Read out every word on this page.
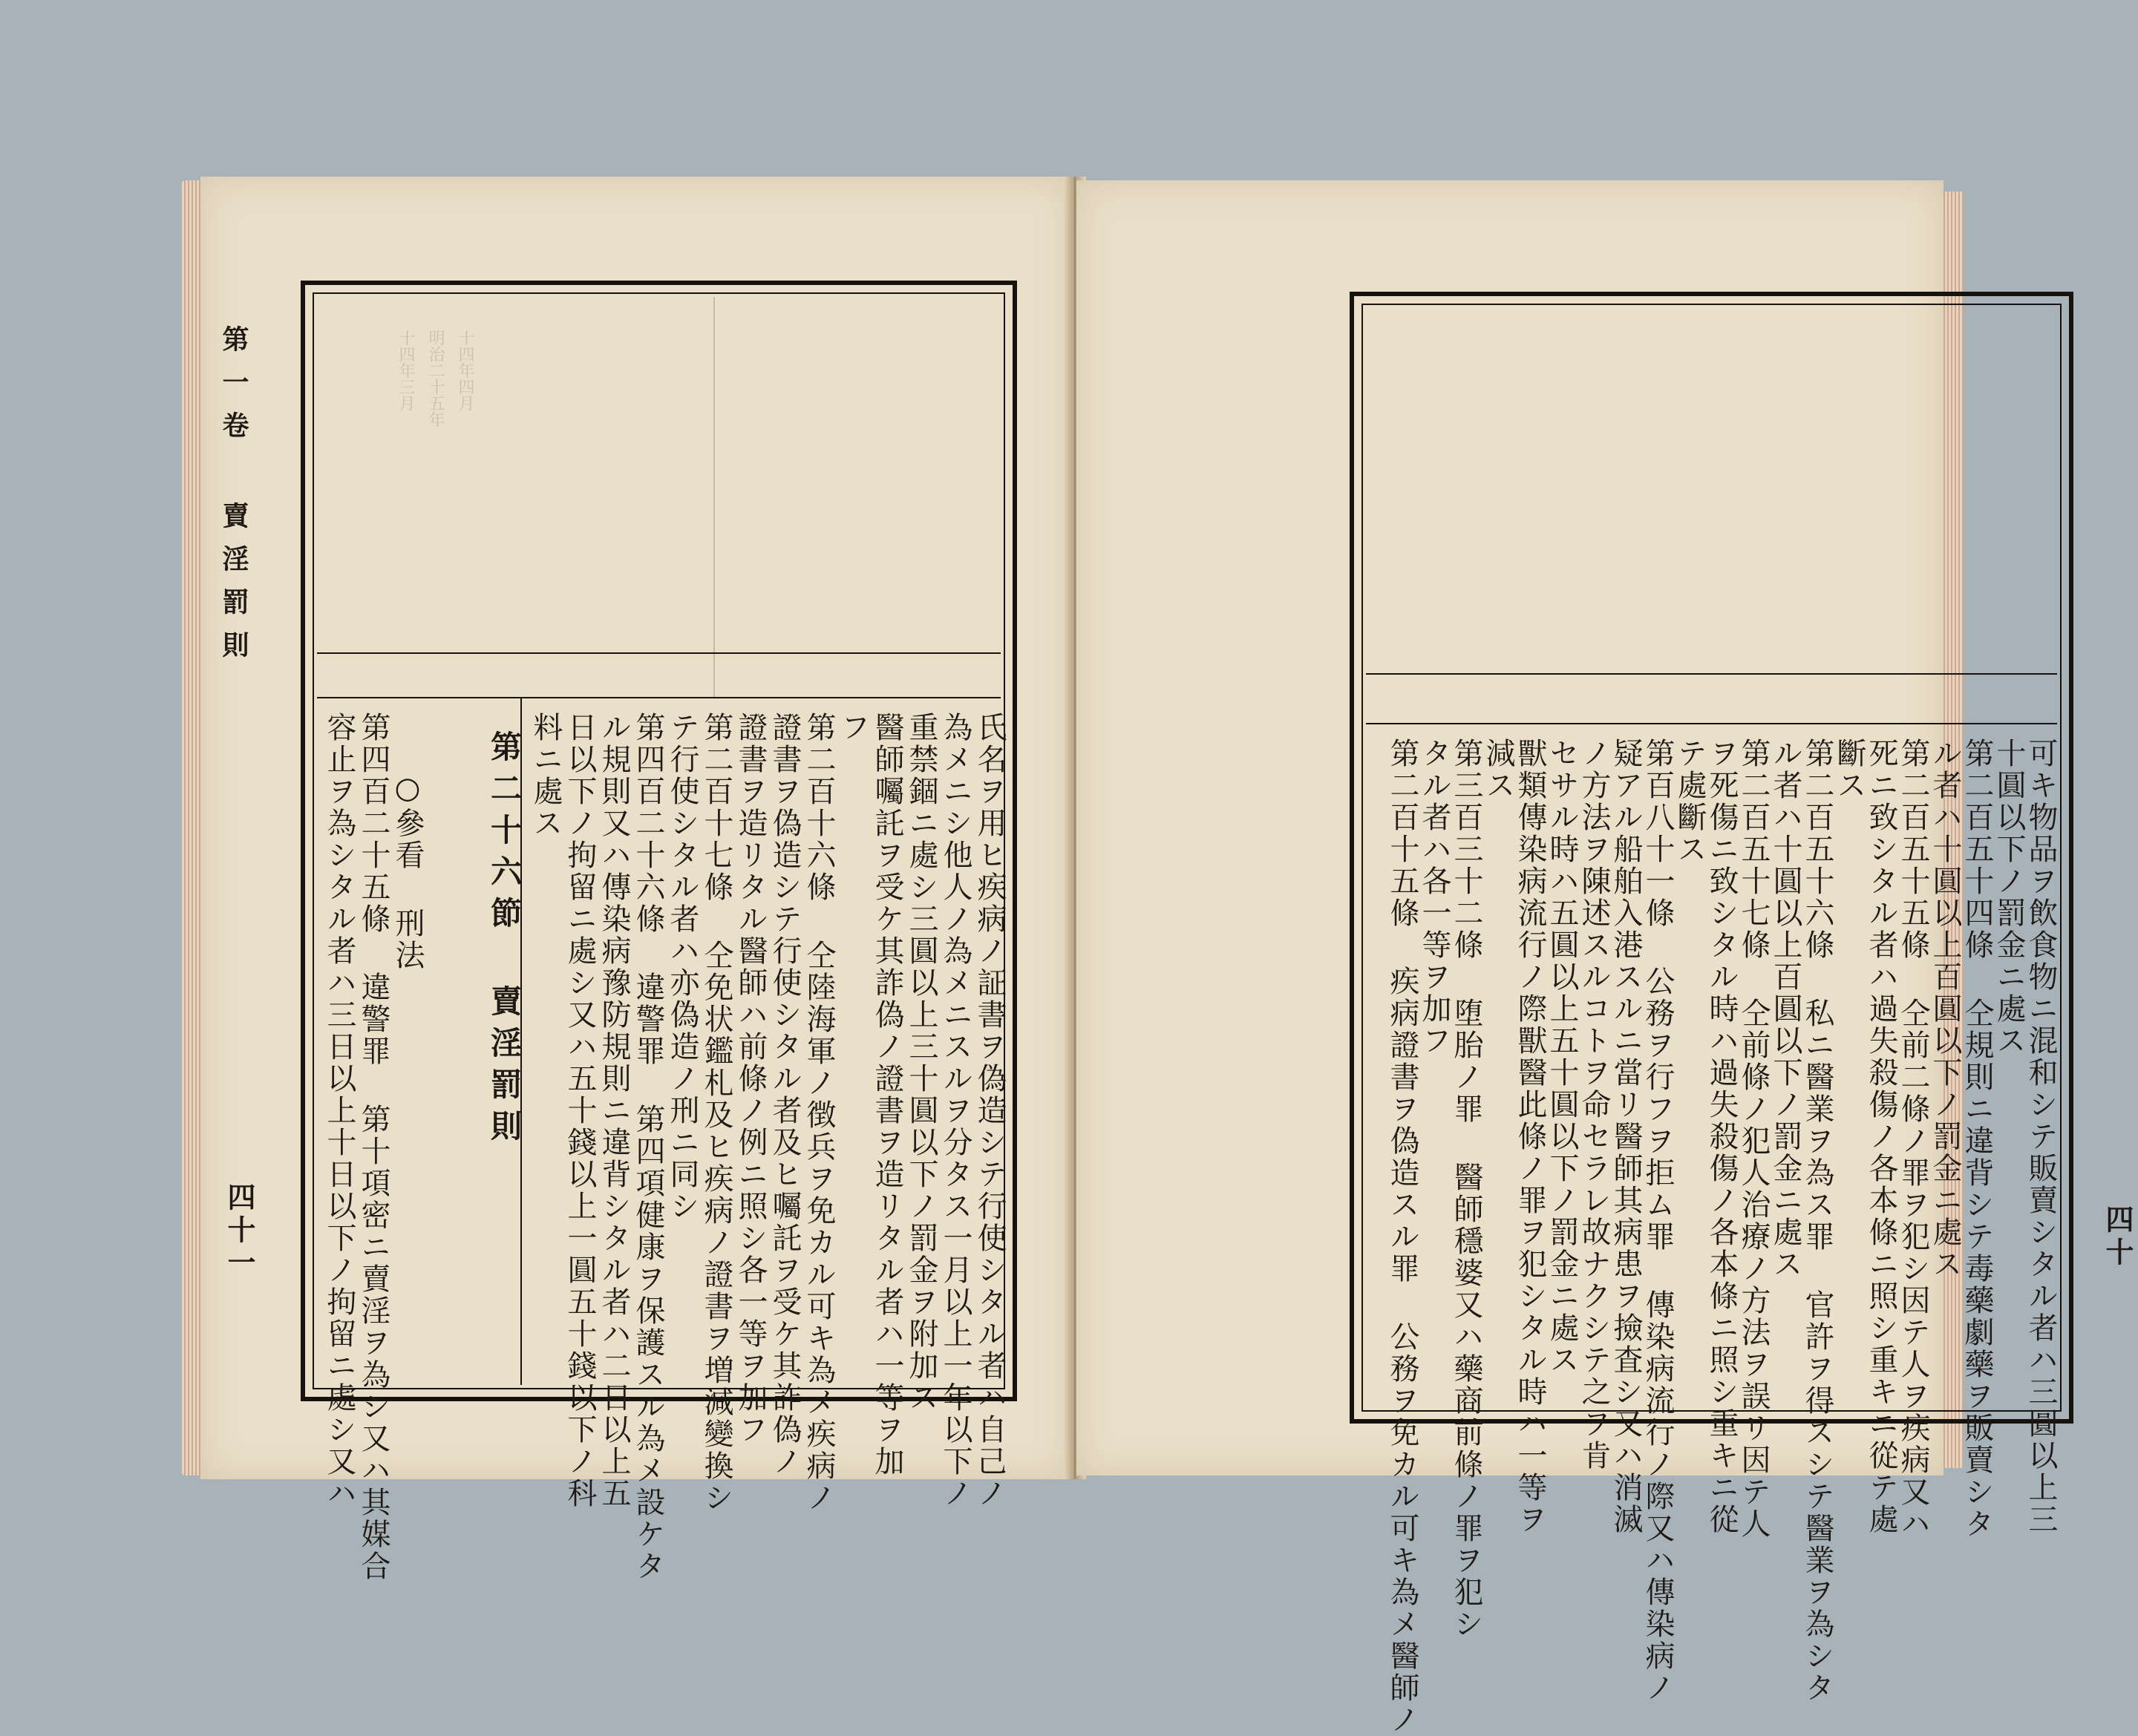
第一卷 賣淫罰則
四十一
十四年四月
明治二十五年
十四年三月
氏名ヲ用ヒ疾病ノ証書ヲ偽造シテ行使シタル者ハ自己ノ
為メニシ他人ノ為メニスルヲ分タス一月以上一年以下ノ
重禁錮ニ處シ三圓以上三十圓以下ノ罰金ヲ附加ス
醫師囑託ヲ受ケ其詐偽ノ證書ヲ造リタル者ハ一等ヲ加
フ
第二百十六條 仝陸海軍ノ徴兵ヲ免カル可キ為メ疾病ノ
證書ヲ偽造シテ行使シタル者及ヒ囑託ヲ受ケ其詐偽ノ
證書ヲ造リタル醫師ハ前條ノ例ニ照シ各一等ヲ加フ
第二百十七條 仝免状鑑札及ヒ疾病ノ證書ヲ増減變換シ
テ行使シタル者ハ亦偽造ノ刑ニ同シ
第四百二十六條 違警罪 第四項健康ヲ保護スル為メ設ケタ
ル規則又ハ傳染病豫防規則ニ違背シタル者ハ二日以上五
日以下ノ拘留ニ處シ又ハ五十錢以上一圓五十錢以下ノ科
料ニ處ス
第二十六節 賣淫罰則
○參看 刑法
第四百二十五條 違警罪 第十項密ニ賣淫ヲ為シ又ハ其媒合
容止ヲ為シタル者ハ三日以上十日以下ノ拘留ニ處シ又ハ	可キ物品ヲ飲食物ニ混和シテ販賣シタル者ハ三圓以上三
十圓以下ノ罰金ニ處ス
第二百五十四條 仝規則ニ違背シテ毒藥劇藥ヲ販賣シタ
ル者ハ十圓以上百圓以下ノ罰金ニ處ス
第二百五十五條 仝前二條ノ罪ヲ犯シ因テ人ヲ疾病又ハ
死ニ致シタル者ハ過失殺傷ノ各本條ニ照シ重キニ從テ處
斷ス
第二百五十六條 私ニ醫業ヲ為ス罪 官許ヲ得スシテ醫業ヲ為シタ
ル者ハ十圓以上百圓以下ノ罰金ニ處ス
第二百五十七條 仝前條ノ犯人治療ノ方法ヲ誤リ因テ人
ヲ死傷ニ致シタル時ハ過失殺傷ノ各本條ニ照シ重キニ從
テ處斷ス
第百八十一條 公務ヲ行フヲ拒ム罪 傳染病流行ノ際又ハ傳染病ノ
疑アル船舶入港スルニ當リ醫師其病患ヲ撿査シ又ハ消滅
ノ方法ヲ陳述スルコトヲ命セラレ故ナクシテ之ヲ肯
セサル時ハ五圓以上五十圓以下ノ罰金ニ處ス
獸類傳染病流行ノ際獸醫此條ノ罪ヲ犯シタル時ハ一等ヲ
減ス
第三百三十二條 堕胎ノ罪 醫師穩婆又ハ藥商前條ノ罪ヲ犯シ
タル者ハ各一等ヲ加フ
第二百十五條 疾病證書ヲ偽造スル罪 公務ヲ免カル可キ為メ醫師ノ	四十
